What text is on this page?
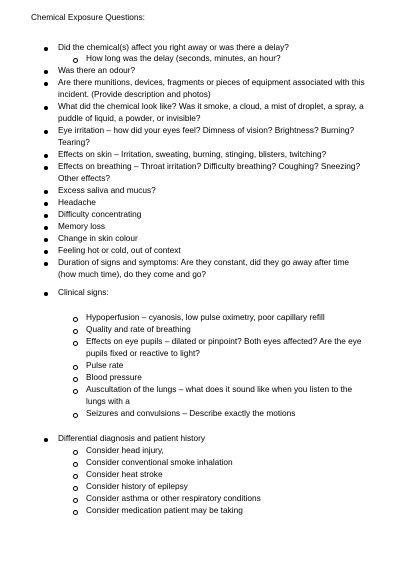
Chemical Exposure Questions:
Did the chemical(s) affect you right away or was there a delay?
How long was the delay (seconds, minutes, an hour?
Was there an odour?
Are there munitions, devices, fragments or pieces of equipment associated with this
incident. (Provide description and photos)
What did the chemical look like? Was it smoke, a cloud, a mist of droplet, a spray, a
puddle of liquid, a powder, or invisible?
Eye irritation – how did your eyes feel? Dimness of vision? Brightness? Burning?
Tearing?
Effects on skin – Irritation, sweating, burning, stinging, blisters, twitching?
Effects on breathing – Throat irritation? Difficulty breathing? Coughing? Sneezing?
Other effects?
Excess saliva and mucus?
Headache
Difficulty concentrating
Memory loss
Change in skin colour
Feeling hot or cold, out of context
Duration of signs and symptoms: Are they constant, did they go away after time
(how much time), do they come and go?
Clinical signs:
Hypoperfusion – cyanosis, low pulse oximetry, poor capillary refill
Quality and rate of breathing
Effects on eye pupils – dilated or pinpoint? Both eyes affected? Are the eye
pupils fixed or reactive to light?
Pulse rate
Blood pressure
Auscultation of the lungs – what does it sound like when you listen to the
lungs with a
Seizures and convulsions – Describe exactly the motions
Differential diagnosis and patient history
Consider head injury,
Consider conventional smoke inhalation
Consider heat stroke
Consider history of epilepsy
Consider asthma or other respiratory conditions
Consider medication patient may be taking
